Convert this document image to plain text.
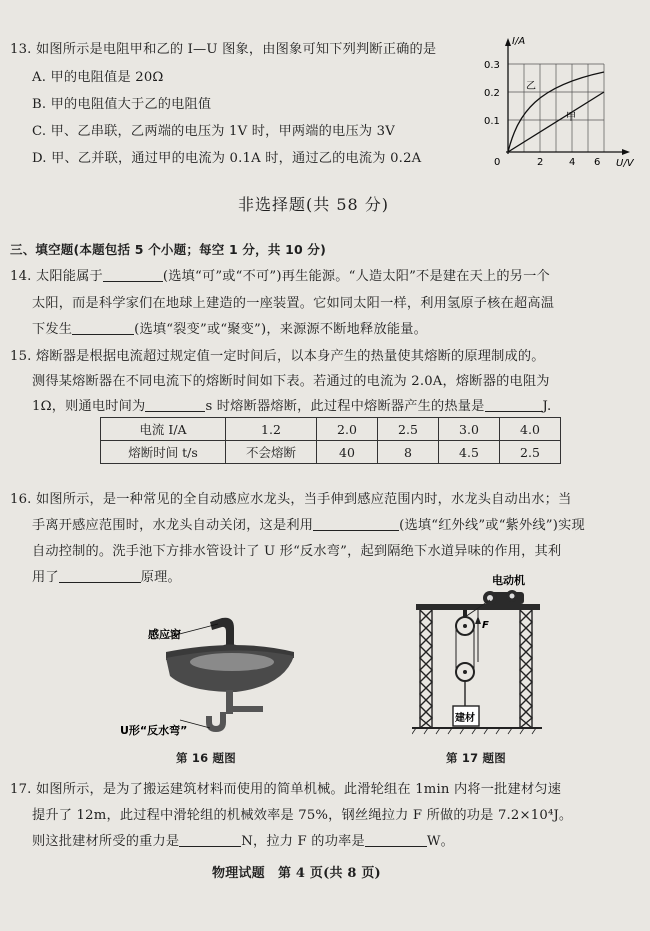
13. 如图所示是电阻甲和乙的 I—U 图象，由图象可知下列判断正确的是
A. 甲的电阻值是 20Ω
B. 甲的电阻值大于乙的电阻值
C. 甲、乙串联，乙两端的电压为 1V 时，甲两端的电压为 3V
D. 甲、乙并联，通过甲的电流为 0.1A 时，通过乙的电流为 0.2A
I/A
U/V
0	2	4 6
0.3
0.2
0.1
乙
甲
非选择题(共 58 分)
三、填空题(本题包括 5 个小题；每空 1 分，共 10 分)
14. 太阳能属于	(选填“可”或“不可”)再生能源。“人造太阳”不是建在天上的另一个
太阳，而是科学家们在地球上建造的一座装置。它如同太阳一样，利用氢原子核在超高温
下发生	(选填“裂变”或“聚变”)，来源源不断地释放能量。
15. 熔断器是根据电流超过规定值一定时间后，以本身产生的热量使其熔断的原理制成的。
测得某熔断器在不同电流下的熔断时间如下表。若通过的电流为 2.0A，熔断器的电阻为
1Ω，则通电时间为	s 时熔断器熔断，此过程中熔断器产生的热量是	J.
电流 I/A	1.2	2.0	2.5	3.0	4.0
熔断时间 t/s	不会熔断	40	8	4.5	2.5
16. 如图所示，是一种常见的全自动感应水龙头，当手伸到感应范围内时，水龙头自动出水；当
手离开感应范围时，水龙头自动关闭，这是利用	(选填“红外线”或“紫外线”)实现
自动控制的。洗手池下方排水管设计了 U 形“反水弯”，起到隔绝下水道异味的作用，其利
用了	原理。
感应窗
U形“反水弯”
F
建材
电动机
第 16 题图	第 17 题图
17. 如图所示，是为了搬运建筑材料而使用的简单机械。此滑轮组在 1min 内将一批建材匀速
提升了 12m，此过程中滑轮组的机械效率是 75%，钢丝绳拉力 F 所做的功是 7.2×10⁴J。
则这批建材所受的重力是	N，拉力 F 的功率是	W。
物理试题　第 4 页(共 8 页)
